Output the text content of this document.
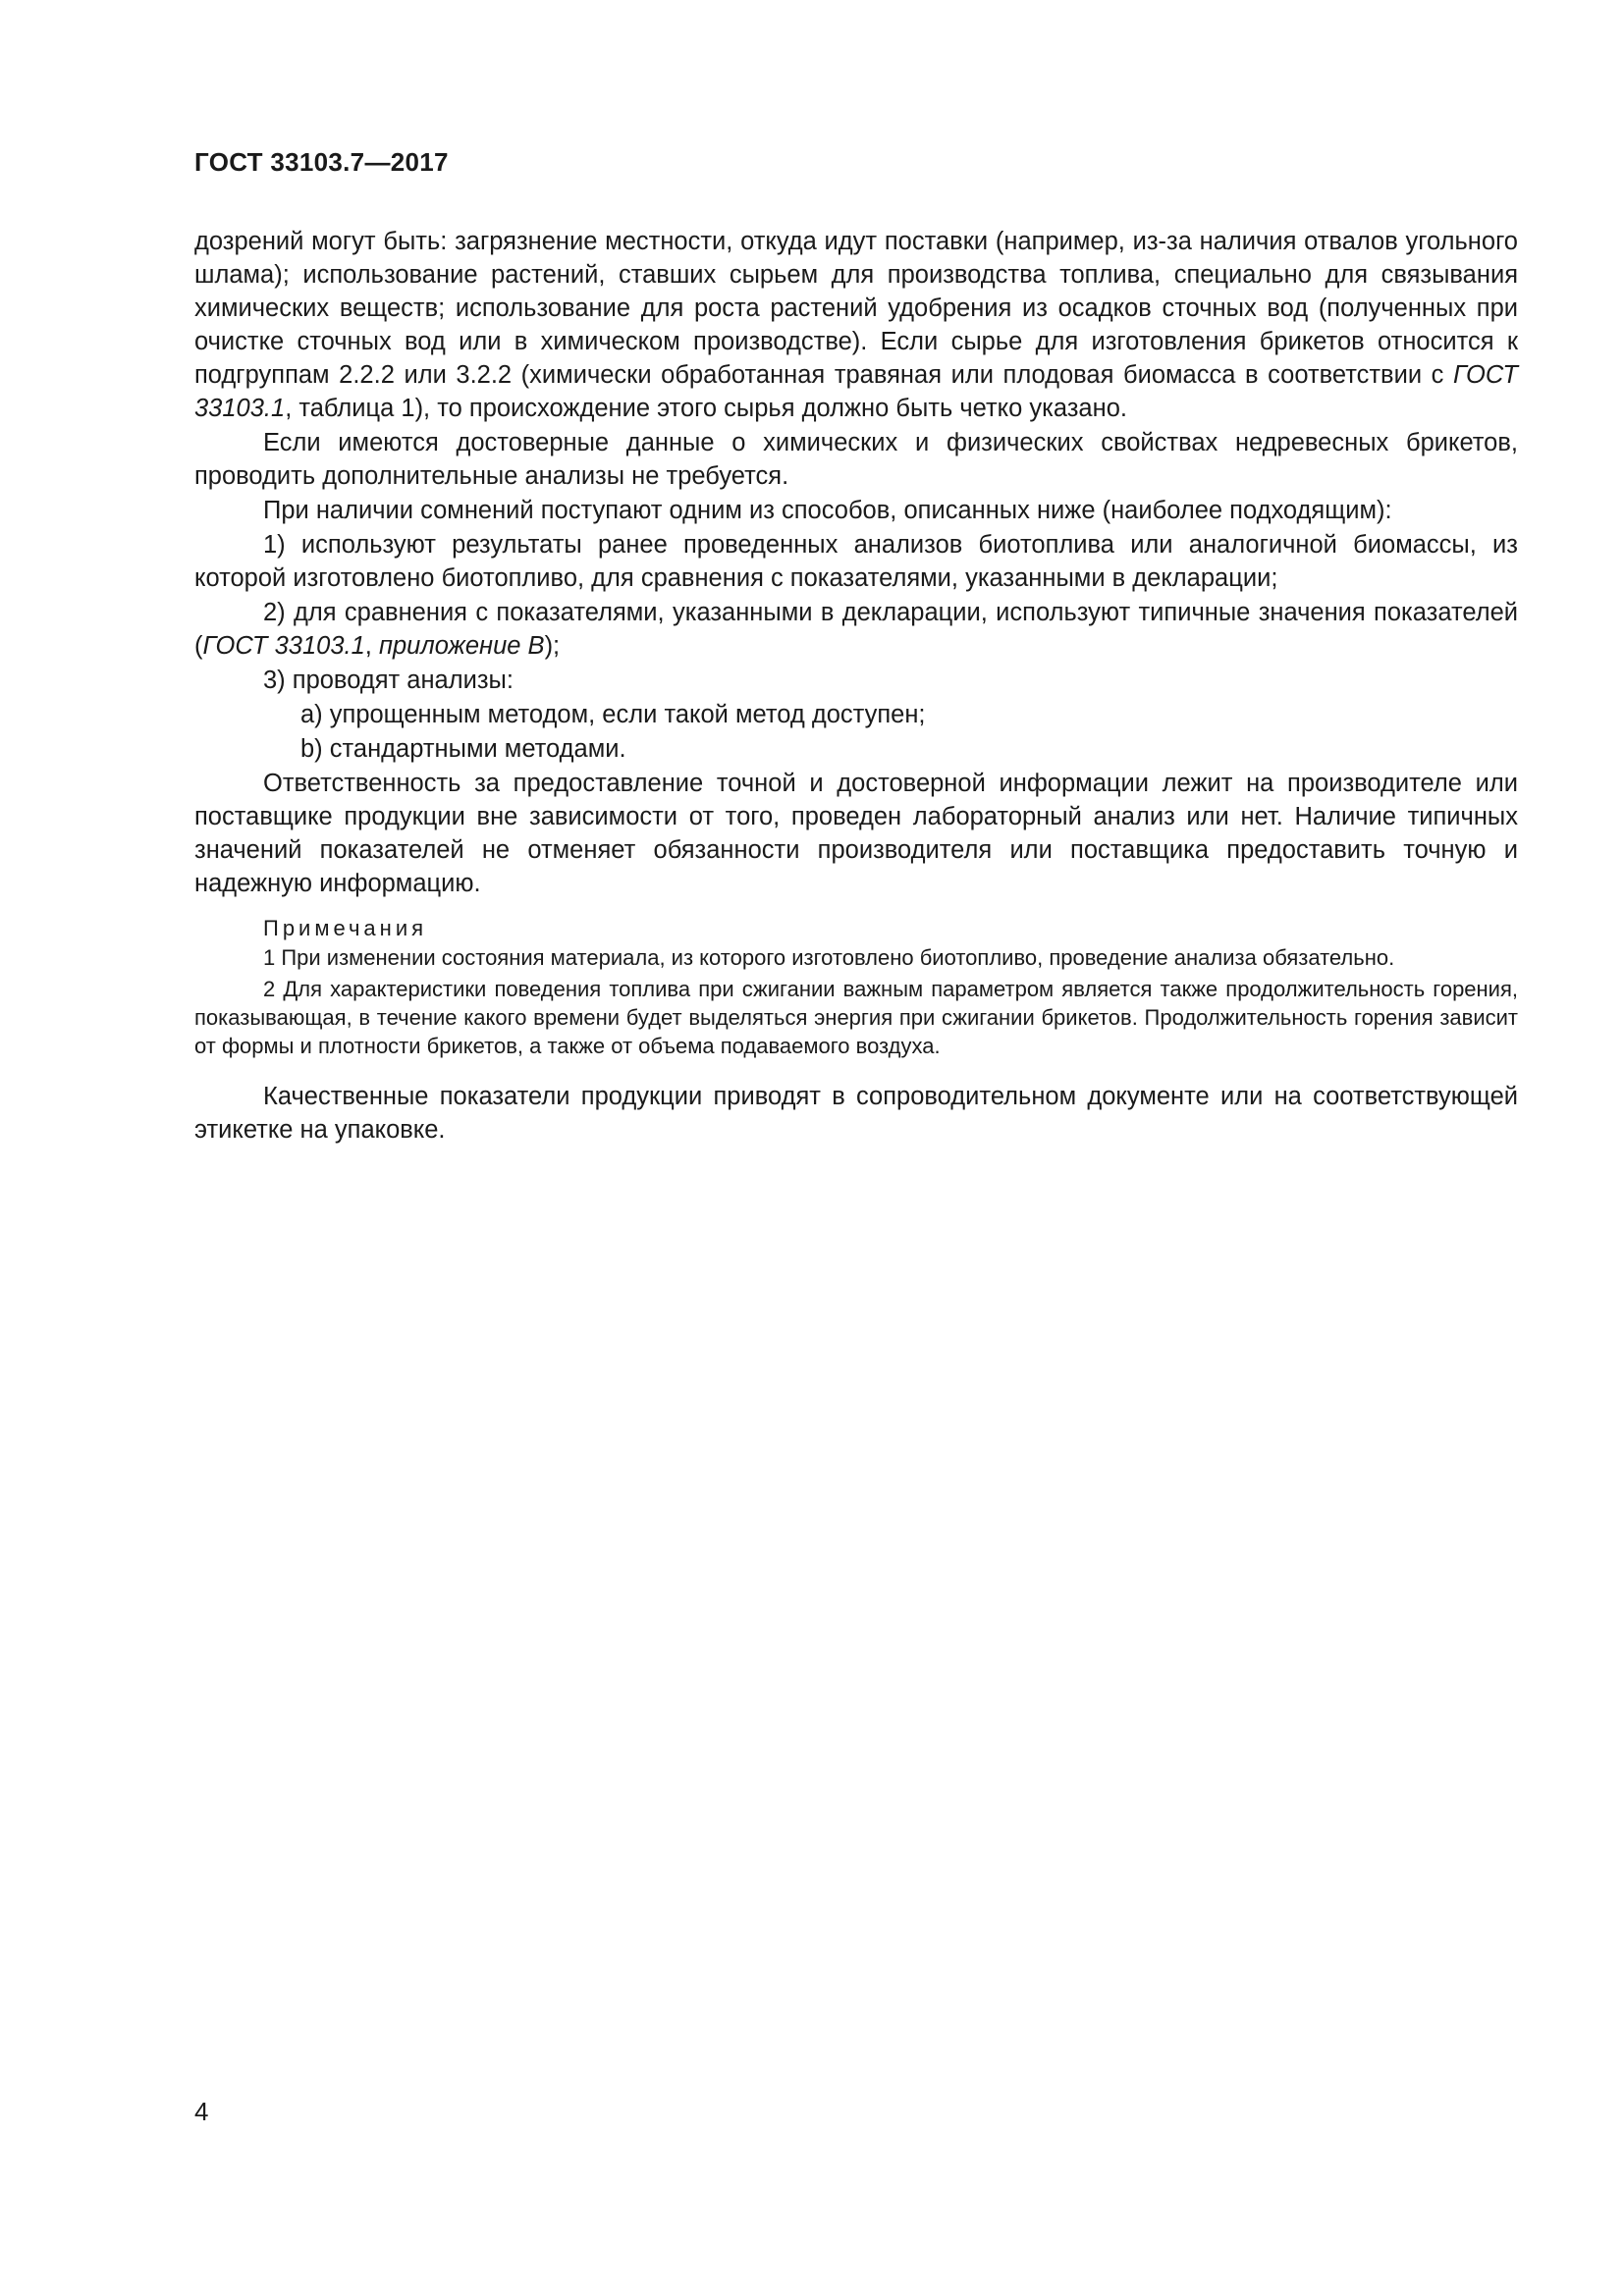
ГОСТ 33103.7—2017

дозрений могут быть: загрязнение местности, откуда идут поставки (например, из-за наличия отвалов угольного шлама); использование растений, ставших сырьем для производства топлива, специально для связывания химических веществ; использование для роста растений удобрения из осадков сточных вод (полученных при очистке сточных вод или в химическом производстве). Если сырье для изготовления брикетов относится к подгруппам 2.2.2 или 3.2.2 (химически обработанная травяная или плодовая биомасса в соответствии с ГОСТ 33103.1, таблица 1), то происхождение этого сырья должно быть четко указано.

Если имеются достоверные данные о химических и физических свойствах недревесных брикетов, проводить дополнительные анализы не требуется.

При наличии сомнений поступают одним из способов, описанных ниже (наиболее подходящим):

1) используют результаты ранее проведенных анализов биотоплива или аналогичной биомассы, из которой изготовлено биотопливо, для сравнения с показателями, указанными в декларации;

2) для сравнения с показателями, указанными в декларации, используют типичные значения показателей (ГОСТ 33103.1, приложение В);

3) проводят анализы:

a) упрощенным методом, если такой метод доступен;

b) стандартными методами.

Ответственность за предоставление точной и достоверной информации лежит на производителе или поставщике продукции вне зависимости от того, проведен лабораторный анализ или нет. Наличие типичных значений показателей не отменяет обязанности производителя или поставщика предоставить точную и надежную информацию.

Примечания

1 При изменении состояния материала, из которого изготовлено биотопливо, проведение анализа обязательно.

2 Для характеристики поведения топлива при сжигании важным параметром является также продолжительность горения, показывающая, в течение какого времени будет выделяться энергия при сжигании брикетов. Продолжительность горения зависит от формы и плотности брикетов, а также от объема подаваемого воздуха.

Качественные показатели продукции приводят в сопроводительном документе или на соответствующей этикетке на упаковке.

4
